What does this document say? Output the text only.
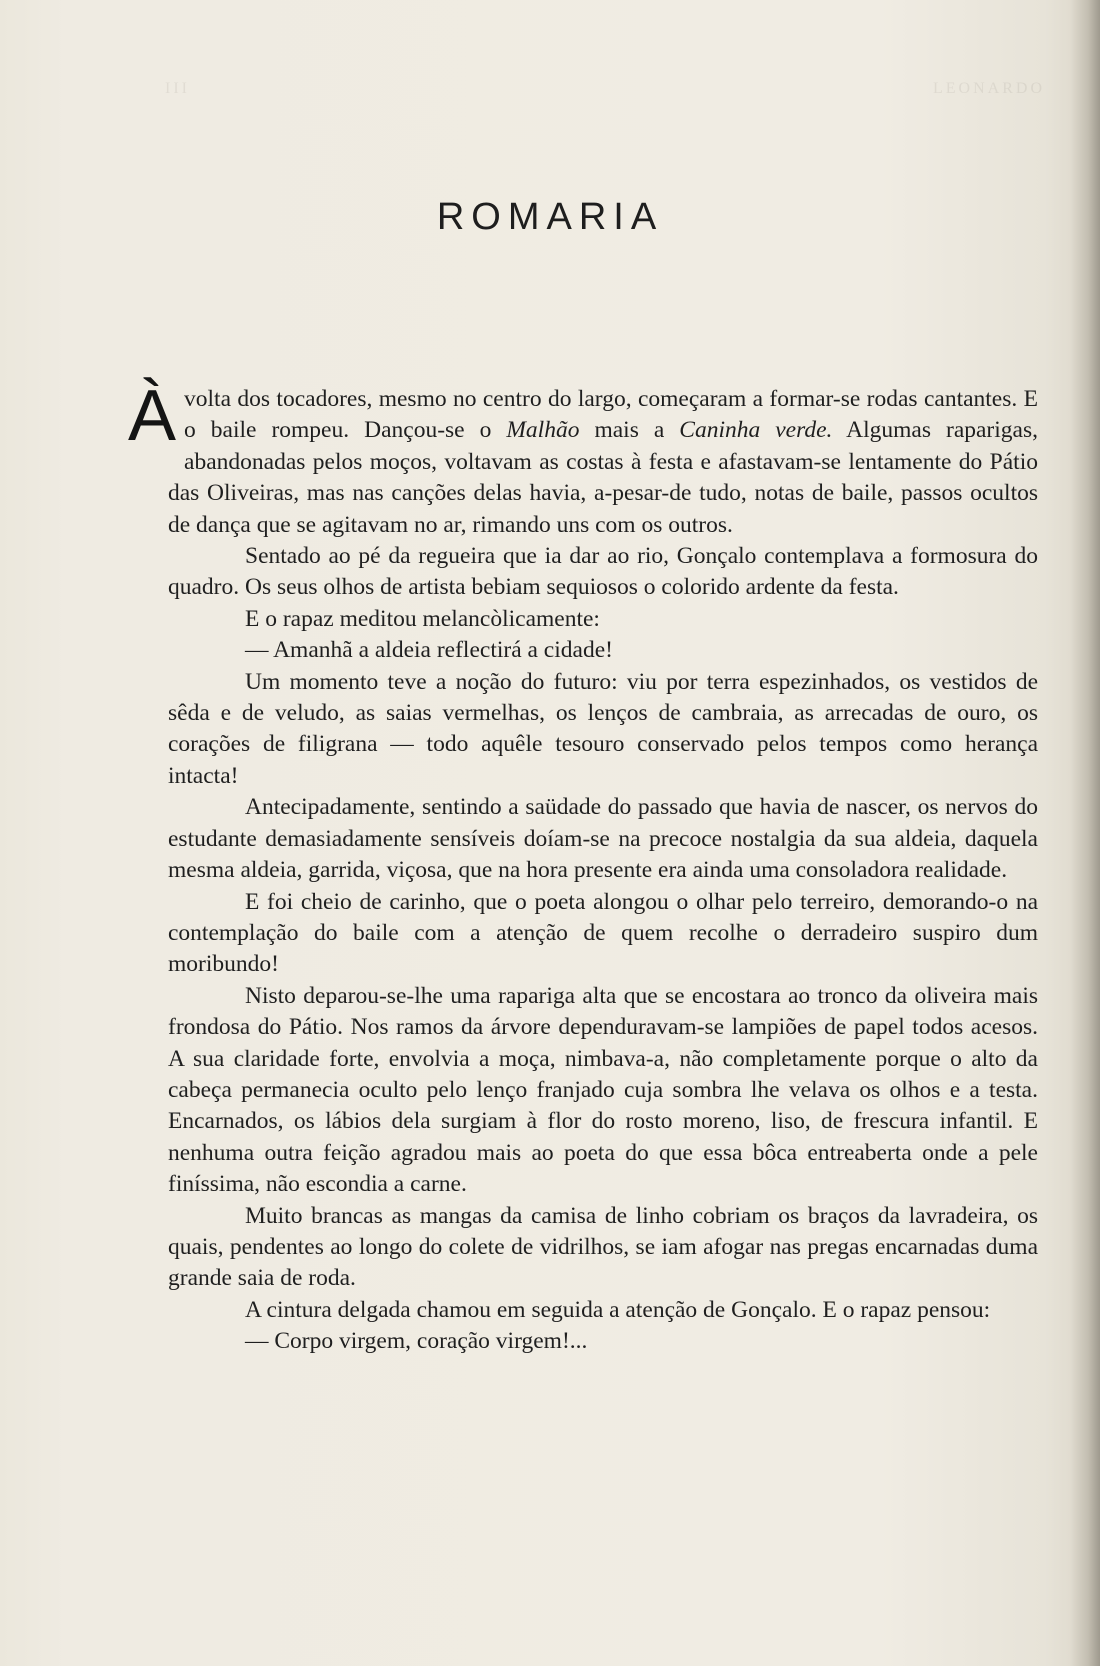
III	LEONARDO
ROMARIA

À volta dos tocadores, mesmo no centro do largo, começaram a formar-se rodas cantantes. E o baile rompeu. Dançou-se o Malhão mais a Caninha verde. Algumas raparigas, abandonadas pelos moços, voltavam as costas à festa e afastavam-se lentamente do Pátio das Oliveiras, mas nas canções delas havia, a-pesar-de tudo, notas de baile, passos ocultos de dança que se agitavam no ar, rimando uns com os outros.

Sentado ao pé da regueira que ia dar ao rio, Gonçalo contemplava a formosura do quadro. Os seus olhos de artista bebiam sequiosos o colorido ardente da festa.

E o rapaz meditou melancòlicamente:

— Amanhã a aldeia reflectirá a cidade!

Um momento teve a noção do futuro: viu por terra espezinhados, os vestidos de sêda e de veludo, as saias vermelhas, os lenços de cambraia, as arrecadas de ouro, os corações de filigrana — todo aquêle tesouro conservado pelos tempos como herança intacta!

Antecipadamente, sentindo a saüdade do passado que havia de nascer, os nervos do estudante demasiadamente sensíveis doíam-se na precoce nostalgia da sua aldeia, daquela mesma aldeia, garrida, viçosa, que na hora presente era ainda uma consoladora realidade.

E foi cheio de carinho, que o poeta alongou o olhar pelo terreiro, demorando-o na contemplação do baile com a atenção de quem recolhe o derradeiro suspiro dum moribundo!

Nisto deparou-se-lhe uma rapariga alta que se encostara ao tronco da oliveira mais frondosa do Pátio. Nos ramos da árvore dependuravam-se lampiões de papel todos acesos. A sua claridade forte, envolvia a moça, nimbava-a, não completamente porque o alto da cabeça permanecia oculto pelo lenço franjado cuja sombra lhe velava os olhos e a testa. Encarnados, os lábios dela surgiam à flor do rosto moreno, liso, de frescura infantil. E nenhuma outra feição agradou mais ao poeta do que essa bôca entreaberta onde a pele finíssima, não escondia a carne.

Muito brancas as mangas da camisa de linho cobriam os braços da lavradeira, os quais, pendentes ao longo do colete de vidrilhos, se iam afogar nas pregas encarnadas duma grande saia de roda.

A cintura delgada chamou em seguida a atenção de Gonçalo. E o rapaz pensou:

— Corpo virgem, coração virgem!...
